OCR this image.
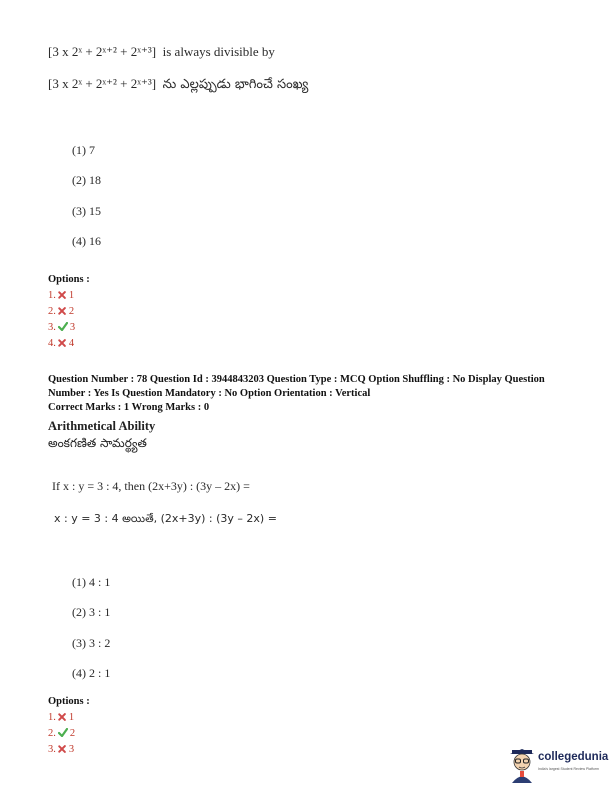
[3 x 2ˣ + 2ˣ⁺² + 2ˣ⁺³] is always divisible by
[3 x 2ˣ + 2ˣ⁺² + 2ˣ⁺³] ను ఎల్లప్పుడు భాగించే సంఖ్య
(1) 7
(2) 18
(3) 15
(4) 16
Options :
1. 1
2. 2
3. 3
4. 4
Question Number : 78 Question Id : 3944843203 Question Type : MCQ Option Shuffling : No Display Question
Number : Yes Is Question Mandatory : No Option Orientation : Vertical
Correct Marks : 1 Wrong Marks : 0
Arithmetical Ability
అంకగణిత సామర్థ్యత
If x : y = 3 : 4, then (2x+3y) : (3y – 2x) =
x : y = 3 : 4 అయితే, (2x+3y) : (3y – 2x) =
(1) 4 : 1
(2) 3 : 1
(3) 3 : 2
(4) 2 : 1
Options :
1. 1
2. 2
3. 3
collegedunia
India's largest Student Review Platform
